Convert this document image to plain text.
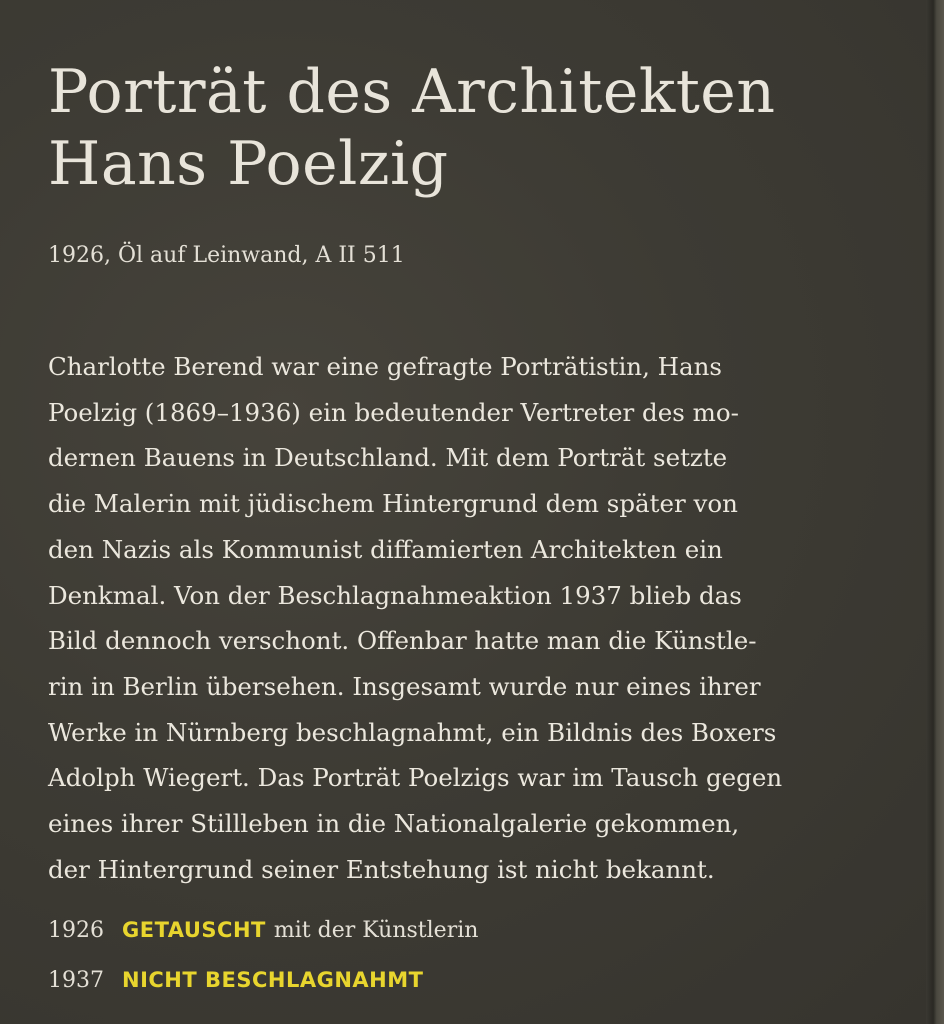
Porträt des Architekten
Hans Poelzig
1926, Öl auf Leinwand, A II 511
Charlotte Berend war eine gefragte Porträtistin, Hans
Poelzig (1869–1936) ein bedeutender Vertreter des mo-
dernen Bauens in Deutschland. Mit dem Porträt setzte
die Malerin mit jüdischem Hintergrund dem später von
den Nazis als Kommunist diffamierten Architekten ein
Denkmal. Von der Beschlagnahmeaktion 1937 blieb das
Bild dennoch verschont. Offenbar hatte man die Künstle-
rin in Berlin übersehen. Insgesamt wurde nur eines ihrer
Werke in Nürnberg beschlagnahmt, ein Bildnis des Boxers
Adolph Wiegert. Das Porträt Poelzigs war im Tausch gegen
eines ihrer Stillleben in die Nationalgalerie gekommen,
der Hintergrund seiner Entstehung ist nicht bekannt.
1926 GETAUSCHT mit der Künstlerin
1937 NICHT BESCHLAGNAHMT
